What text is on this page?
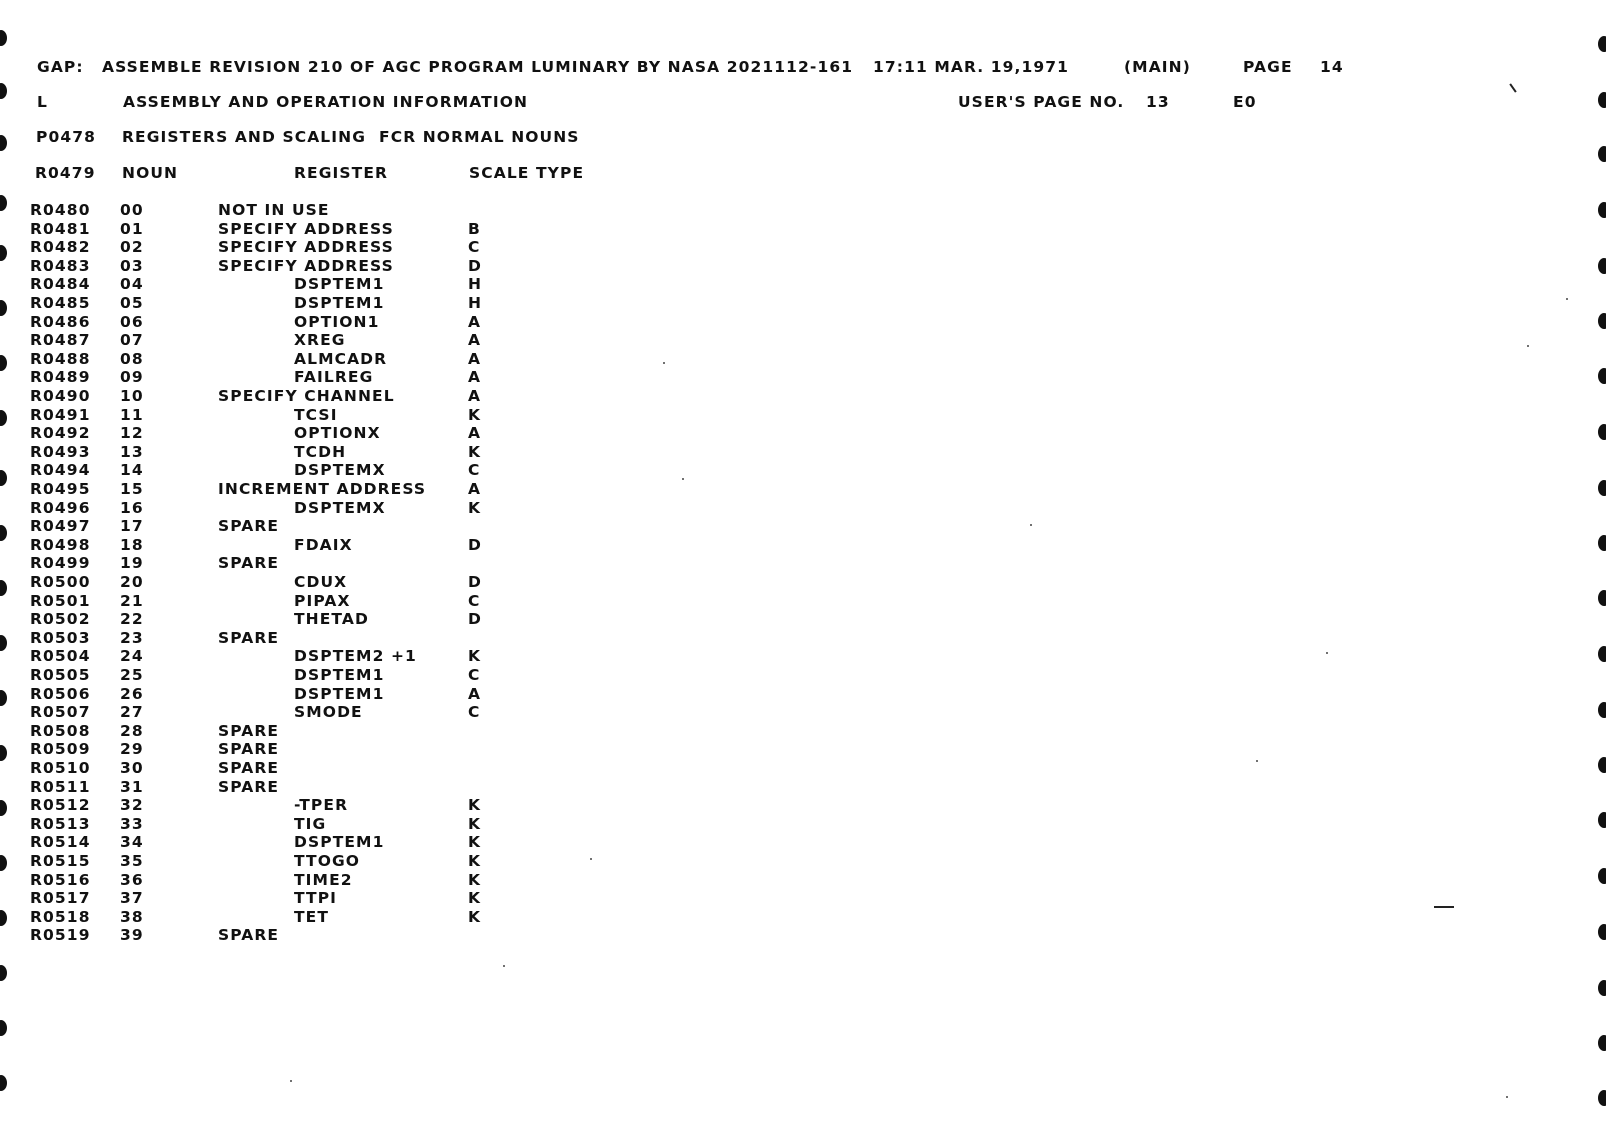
GAP: ASSEMBLE REVISION 210 OF AGC PROGRAM LUMINARY BY NASA 2021112-161 17:11 MAR. 19,1971	(MAIN)	PAGE 14
L	ASSEMBLY AND OPERATION INFORMATION	USER'S PAGE NO. 13	E0
P0478 REGISTERS AND SCALING  FCR NORMAL NOUNS
R0479 NOUN	REGISTER	SCALE TYPE
R0480 00	NOT IN USE
R0481 01	SPECIFY ADDRESS	B
R0482 02	SPECIFY ADDRESS	C
R0483 03	SPECIFY ADDRESS	D
R0484 04	DSPTEM1	H
R0485 05	DSPTEM1	H
R0486 06	OPTION1	A
R0487 07	XREG	A
R0488 08	ALMCADR	A
R0489 09	FAILREG	A
R0490 10	SPECIFY CHANNEL	A
R0491 11	TCSI	K
R0492 12	OPTIONX	A
R0493 13	TCDH	K
R0494 14	DSPTEMX	C
R0495 15	INCREMENT ADDRESS	A
R0496 16	DSPTEMX	K
R0497 17	SPARE
R0498 18	FDAIX	D
R0499 19	SPARE
R0500 20	CDUX	D
R0501 21	PIPAX	C
R0502 22	THETAD	D
R0503 23	SPARE
R0504 24	DSPTEM2 +1	K
R0505 25	DSPTEM1	C
R0506 26	DSPTEM1	A
R0507 27	SMODE	C
R0508 28	SPARE
R0509 29	SPARE
R0510 30	SPARE
R0511 31	SPARE
R0512 32	-TPER	K
R0513 33	TIG	K
R0514 34	DSPTEM1	K
R0515 35	TTOGO	K
R0516 36	TIME2	K
R0517 37	TTPI	K
R0518 38	TET	K
R0519 39	SPARE
